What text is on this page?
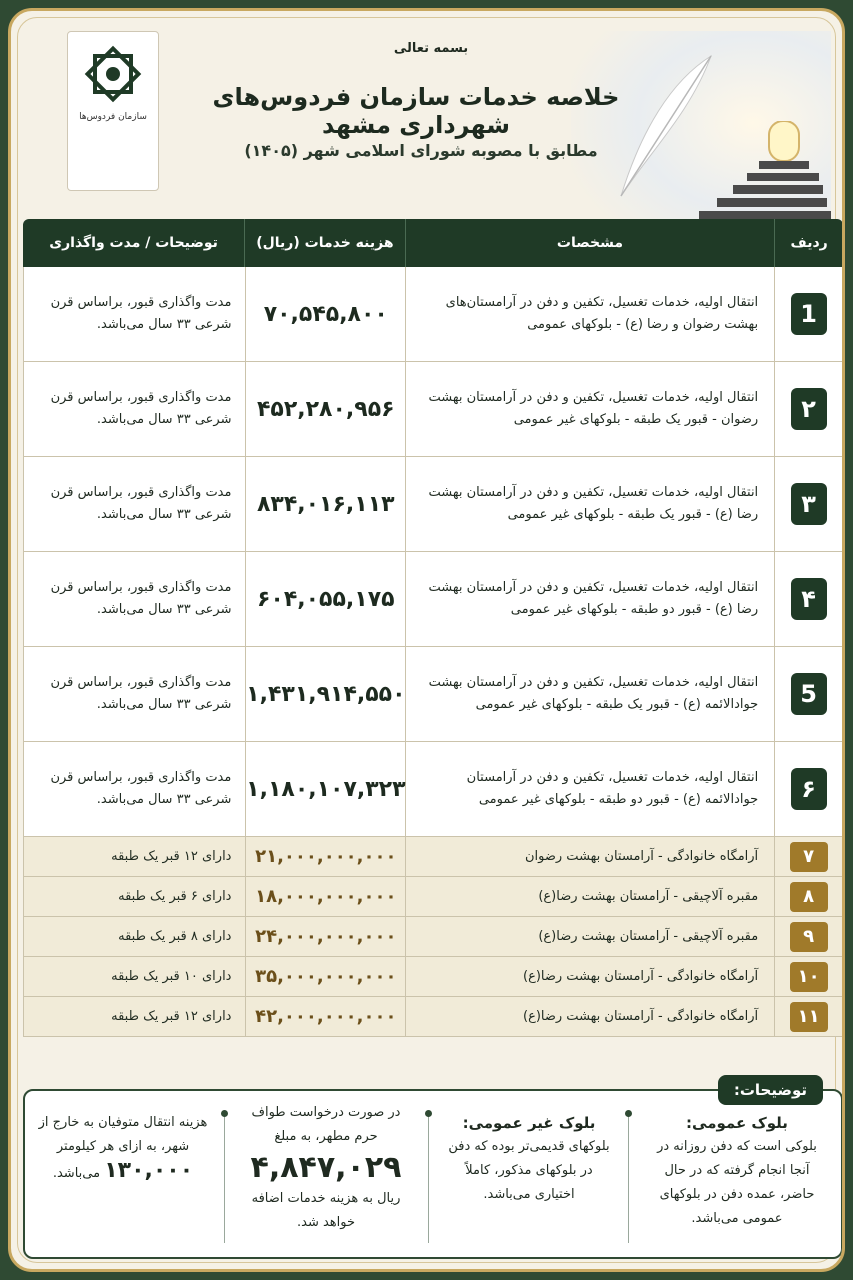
سازمان فردوس‌ها
بسمه تعالی
خلاصه خدمات سازمان فردوس‌های شهرداری مشهد
مطابق با مصوبه شورای اسلامی شهر (۱۴۰۵)
ردیف
مشخصات
هزینه خدمات (ریال)
توضیحات / مدت واگذاری
1
انتقال اولیه، خدمات تغسیل، تکفین و دفن در آرامستان‌های بهشت رضوان و رضا (ع) - بلوکهای عمومی
۷۰,۵۴۵,۸۰۰
مدت واگذاری قبور، براساس قرن شرعی ۳۳ سال می‌باشد.
۲
انتقال اولیه، خدمات تغسیل، تکفین و دفن در آرامستان بهشت رضوان - قبور یک طبقه - بلوکهای غیر عمومی
۴۵۲,۲۸۰,۹۵۶
مدت واگذاری قبور، براساس قرن شرعی ۳۳ سال می‌باشد.
۳
انتقال اولیه، خدمات تغسیل، تکفین و دفن در آرامستان بهشت رضا (ع) - قبور یک طبقه - بلوکهای غیر عمومی
۸۳۴,۰۱۶,۱۱۳
مدت واگذاری قبور، براساس قرن شرعی ۳۳ سال می‌باشد.
۴
انتقال اولیه، خدمات تغسیل، تکفین و دفن در آرامستان بهشت رضا (ع) - قبور دو طبقه - بلوکهای غیر عمومی
۶۰۴,۰۵۵,۱۷۵
مدت واگذاری قبور، براساس قرن شرعی ۳۳ سال می‌باشد.
5
انتقال اولیه، خدمات تغسیل، تکفین و دفن در آرامستان بهشت جوادالائمه (ع) - قبور یک طبقه - بلوکهای غیر عمومی
۱,۴۳۱,۹۱۴,۵۵۰
مدت واگذاری قبور، براساس قرن شرعی ۳۳ سال می‌باشد.
۶
انتقال اولیه، خدمات تغسیل، تکفین و دفن در آرامستان جوادالائمه (ع) - قبور دو طبقه - بلوکهای غیر عمومی
۱,۱۸۰,۱۰۷,۳۲۳
مدت واگذاری قبور، براساس قرن شرعی ۳۳ سال می‌باشد.
۷
آرامگاه خانوادگی - آرامستان بهشت رضوان
۲۱,۰۰۰,۰۰۰,۰۰۰
دارای ۱۲ قبر یک طبقه
۸
مقبره آلاچیقی - آرامستان بهشت رضا(ع)
۱۸,۰۰۰,۰۰۰,۰۰۰
دارای ۶ قبر یک طبقه
۹
مقبره آلاچیقی - آرامستان بهشت رضا(ع)
۲۴,۰۰۰,۰۰۰,۰۰۰
دارای ۸ قبر یک طبقه
۱۰
آرامگاه خانوادگی - آرامستان بهشت رضا(ع)
۳۵,۰۰۰,۰۰۰,۰۰۰
دارای ۱۰ قبر یک طبقه
۱۱
آرامگاه خانوادگی - آرامستان بهشت رضا(ع)
۴۲,۰۰۰,۰۰۰,۰۰۰
دارای ۱۲ قبر یک طبقه
توضیحات:
بلوک عمومی:
بلوکی است که دفن روزانه در آنجا انجام گرفته که در حال حاضر، عمده دفن در بلوکهای عمومی می‌باشد.
بلوک غیر عمومی:
بلوکهای قدیمی‌تر بوده که دفن در بلوکهای مذکور، کاملاً اختیاری می‌باشد.
در صورت درخواست طواف حرم مطهر، به مبلغ
۴,۸۴۷,۰۲۹
ریال به هزینه خدمات اضافه خواهد شد.
هزینه انتقال متوفیان به خارج از شهر، به ازای هر کیلومتر
۱۳۰,۰۰۰ می‌باشد.
